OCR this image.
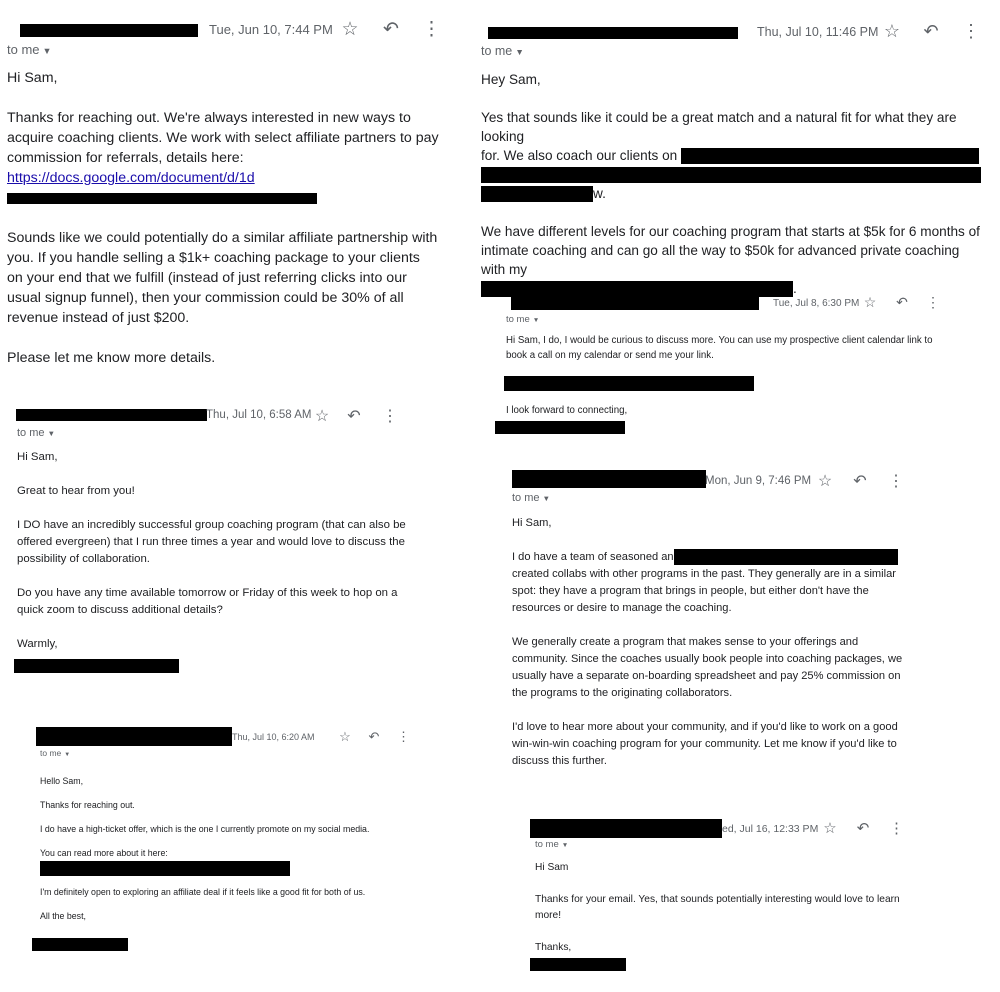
Tue, Jun 10, 7:44 PM ☆ ↶ ⋮
to me ▼

Hi Sam,

Thanks for reaching out. We're always interested in new ways to acquire coaching clients. We work with select affiliate partners to pay commission for referrals, details here: https://docs.google.com/document/d/1d

Sounds like we could potentially do a similar affiliate partnership with you. If you handle selling a $1k+ coaching package to your clients on your end that we fulfill (instead of just referring clicks into our usual signup funnel), then your commission could be 30% of all revenue instead of just $200.

Please let me know more details.

Thu, Jul 10, 11:46 PM ☆ ↶ ⋮
to me ▼

Hey Sam,

Yes that sounds like it could be a great match and a natural fit for what they are looking
for. We also coach our clients on

w.

We have different levels for our coaching program that starts at $5k for 6 months of
intimate coaching and can go all the way to $50k for advanced private coaching with my
.

Tue, Jul 8, 6:30 PM ☆ ↶ ⋮
to me ▼

Hi Sam, I do, I would be curious to discuss more. You can use my prospective client calendar link to book a call on my calendar or send me your link.

I look forward to connecting,

Thu, Jul 10, 6:58 AM ☆ ↶ ⋮
to me ▼

Hi Sam,

Great to hear from you!

I DO have an incredibly successful group coaching program (that can also be offered evergreen) that I run three times a year and would love to discuss the possibility of collaboration.

Do you have any time available tomorrow or Friday of this week to hop on a quick zoom to discuss additional details?

Warmly,

Mon, Jun 9, 7:46 PM ☆ ↶ ⋮
to me ▼

Hi Sam,

I do have a team of seasoned an
created collabs with other programs in the past. They generally are in a similar spot: they have a program that brings in people, but either don't have the resources or desire to manage the coaching.

We generally create a program that makes sense to your offerings and community. Since the coaches usually book people into coaching packages, we usually have a separate on-boarding spreadsheet and pay 25% commission on the programs to the originating collaborators.

I'd love to hear more about your community, and if you'd like to work on a good win-win-win coaching program for your community. Let me know if you'd like to discuss this further.

Thu, Jul 10, 6:20 AM ☆ ↶ ⋮
to me ▼

Hello Sam,

Thanks for reaching out.

I do have a high-ticket offer, which is the one I currently promote on my social media.

You can read more about it here:

I'm definitely open to exploring an affiliate deal if it feels like a good fit for both of us.

All the best,

ed, Jul 16, 12:33 PM ☆ ↶ ⋮
to me ▼

Hi Sam

Thanks for your email. Yes, that sounds potentially interesting would love to learn more!

Thanks,
